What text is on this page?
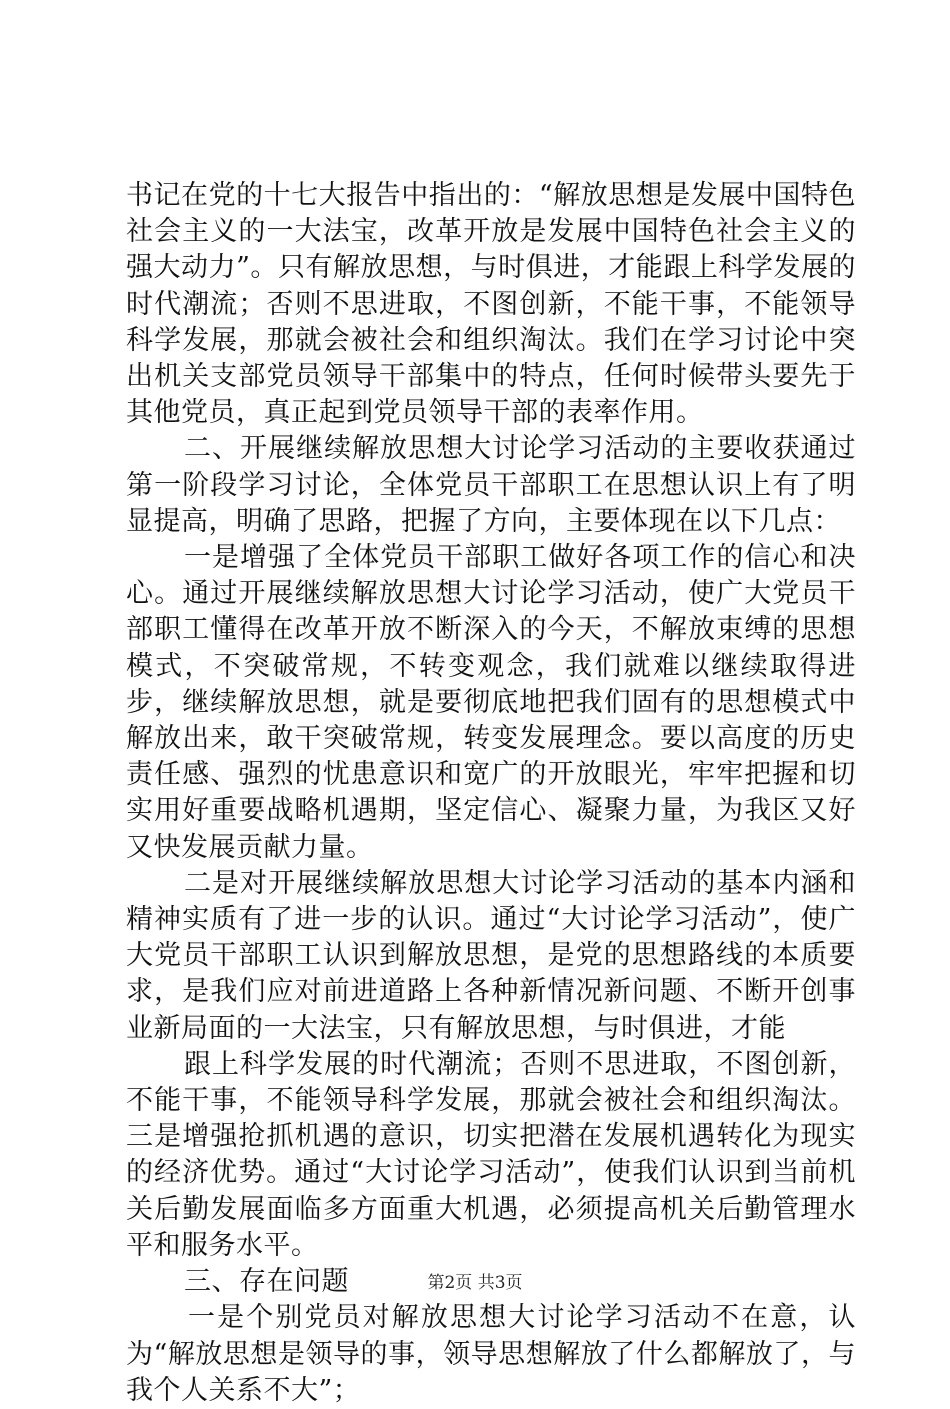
书记在党的十七大报告中指出的：“解放思想是发展中国特色社会主义的一大法宝，改革开放是发展中国特色社会主义的强大动力”。只有解放思想，与时俱进，才能跟上科学发展的时代潮流；否则不思进取，不图创新，不能干事，不能领导科学发展，那就会被社会和组织淘汰。我们在学习讨论中突出机关支部党员领导干部集中的特点，任何时候带头要先于其他党员，真正起到党员领导干部的表率作用。

二、开展继续解放思想大讨论学习活动的主要收获通过第一阶段学习讨论，全体党员干部职工在思想认识上有了明显提高，明确了思路，把握了方向，主要体现在以下几点：

一是增强了全体党员干部职工做好各项工作的信心和决心。通过开展继续解放思想大讨论学习活动，使广大党员干部职工懂得在改革开放不断深入的今天，不解放束缚的思想模式，不突破常规，不转变观念，我们就难以继续取得进步，继续解放思想，就是要彻底地把我们固有的思想模式中解放出来，敢干突破常规，转变发展理念。要以高度的历史责任感、强烈的忧患意识和宽广的开放眼光，牢牢把握和切实用好重要战略机遇期，坚定信心、凝聚力量，为我区又好又快发展贡献力量。

二是对开展继续解放思想大讨论学习活动的基本内涵和精神实质有了进一步的认识。通过“大讨论学习活动”，使广大党员干部职工认识到解放思想，是党的思想路线的本质要求，是我们应对前进道路上各种新情况新问题、不断开创事业新局面的一大法宝，只有解放思想，与时俱进，才能

跟上科学发展的时代潮流；否则不思进取，不图创新，不能干事，不能领导科学发展，那就会被社会和组织淘汰。三是增强抢抓机遇的意识，切实把潜在发展机遇转化为现实的经济优势。通过“大讨论学习活动”，使我们认识到当前机关后勤发展面临多方面重大机遇，必须提高机关后勤管理水平和服务水平。

三、存在问题

一是个别党员对解放思想大讨论学习活动不在意，认为“解放思想是领导的事，领导思想解放了什么都解放了，与我个人关系不大”；

第2页 共3页
